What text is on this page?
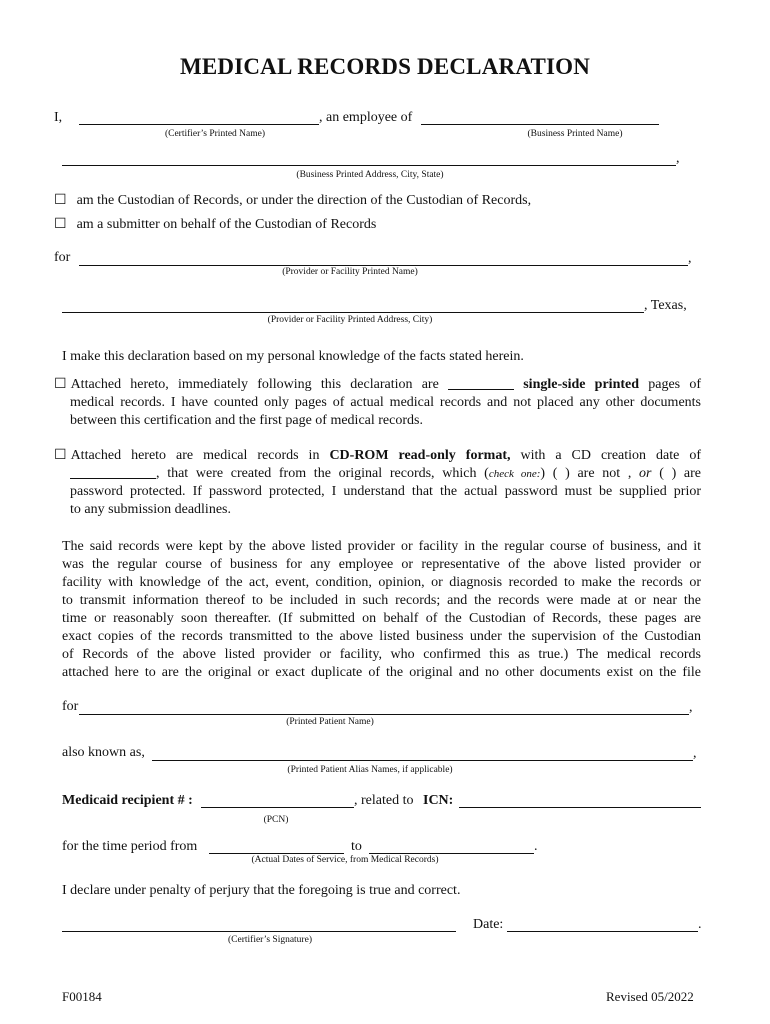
MEDICAL RECORDS DECLARATION
I,	, an employee of
(Certifier’s Printed Name)	(Business Printed Name)
,
(Business Printed Address, City, State)
☐ am the Custodian of Records, or under the direction of the Custodian of Records,
☐ am a submitter on behalf of the Custodian of Records
for	,
(Provider or Facility Printed Name)
, Texas,
(Provider or Facility Printed Address, City)
I make this declaration based on my personal knowledge of the facts stated herein.
☐ Attached hereto, immediately following this declaration are	single-side printed pages of
medical records. I have counted only pages of actual medical records and not placed any other documents
between this certification and the first page of medical records.
☐ Attached hereto are medical records in CD-ROM read-only format, with a CD creation date of
, that were created from the original records, which (check one:) ( ) are not , or ( ) are
password protected. If password protected, I understand that the actual password must be supplied prior
to any submission deadlines.
The said records were kept by the above listed provider or facility in the regular course of business, and it
was the regular course of business for any employee or representative of the above listed provider or
facility with knowledge of the act, event, condition, opinion, or diagnosis recorded to make the records or
to transmit information thereof to be included in such records; and the records were made at or near the
time or reasonably soon thereafter. (If submitted on behalf of the Custodian of Records, these pages are
exact copies of the records transmitted to the above listed business under the supervision of the Custodian
of Records of the above listed provider or facility, who confirmed this as true.) The medical records
attached here to are the original or exact duplicate of the original and no other documents exist on the file
for	,
(Printed Patient Name)
also known as,	,
(Printed Patient Alias Names, if applicable)
Medicaid recipient # :	, related to ICN:
(PCN)
for the time period from	to	.
(Actual Dates of Service, from Medical Records)
I declare under penalty of perjury that the foregoing is true and correct.
(Certifier’s Signature)
Date:	.
F00184	Revised 05/2022
